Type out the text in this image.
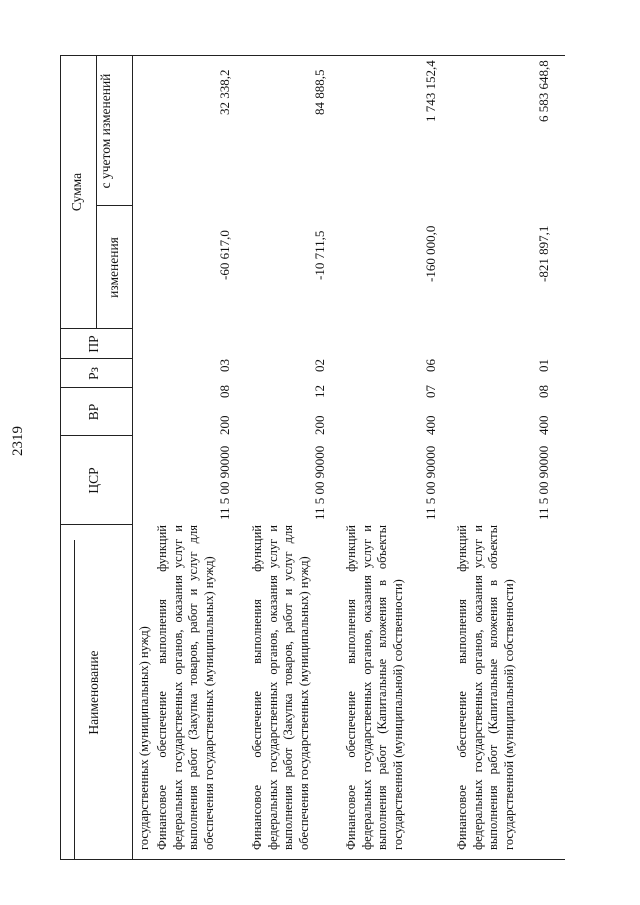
2319
Наименование
ЦСР
ВР
Рз
ПР
Сумма
изменения
с учетом изменений
государственных (муниципальных) нужд) Финансовое обеспечение выполнения функций федеральных государственных органов, оказания услуг и выполнения работ (Закупка товаров, работ и услуг для обеспечения государственных (муниципальных) нужд)
11 5 00 90000
200
08
03
-60 617,0
32 338,2
Финансовое обеспечение выполнения функций федеральных государственных органов, оказания услуг и выполнения работ (Закупка товаров, работ и услуг для обеспечения государственных (муниципальных) нужд)
11 5 00 90000
200
12
02
-10 711,5
84 888,5
Финансовое обеспечение выполнения функций федеральных государственных органов, оказания услуг и выполнения работ (Капитальные вложения в объекты государственной (муниципальной) собственности)
11 5 00 90000
400
07
06
-160 000,0
1 743 152,4
Финансовое обеспечение выполнения функций федеральных государственных органов, оказания услуг и выполнения работ (Капитальные вложения в объекты государственной (муниципальной) собственности)
11 5 00 90000
400
08
01
-821 897,1
6 583 648,8
